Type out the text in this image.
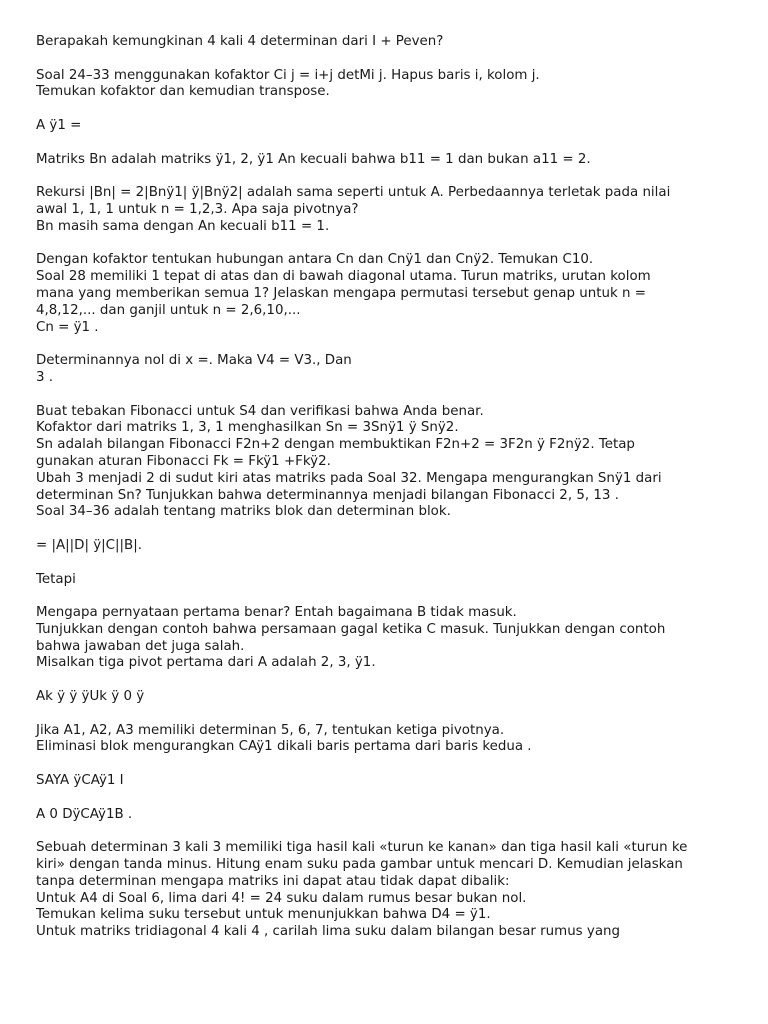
Berapakah kemungkinan 4 kali 4 determinan dari I + Peven?
Soal 24–33 menggunakan kofaktor Ci j = i+j detMi j. Hapus baris i, kolom j.
Temukan kofaktor dan kemudian transpose.
A ÿ1 =
Matriks Bn adalah matriks ÿ1, 2, ÿ1 An kecuali bahwa b11 = 1 dan bukan a11 = 2.
Rekursi |Bn| = 2|Bnÿ1| ÿ|Bnÿ2| adalah sama seperti untuk A. Perbedaannya terletak pada nilai
awal 1, 1, 1 untuk n = 1,2,3. Apa saja pivotnya?
Bn masih sama dengan An kecuali b11 = 1.
Dengan kofaktor tentukan hubungan antara Cn dan Cnÿ1 dan Cnÿ2. Temukan C10.
Soal 28 memiliki 1 tepat di atas dan di bawah diagonal utama. Turun matriks, urutan kolom
mana yang memberikan semua 1? Jelaskan mengapa permutasi tersebut genap untuk n =
4,8,12,... dan ganjil untuk n = 2,6,10,...
Cn = ÿ1 .
Determinannya nol di x =. Maka V4 = V3., Dan
3 .
Buat tebakan Fibonacci untuk S4 dan verifikasi bahwa Anda benar.
Kofaktor dari matriks 1, 3, 1 menghasilkan Sn = 3Snÿ1 ÿ Snÿ2.
Sn adalah bilangan Fibonacci F2n+2 dengan membuktikan F2n+2 = 3F2n ÿ F2nÿ2. Tetap
gunakan aturan Fibonacci Fk = Fkÿ1 +Fkÿ2.
Ubah 3 menjadi 2 di sudut kiri atas matriks pada Soal 32. Mengapa mengurangkan Snÿ1 dari
determinan Sn? Tunjukkan bahwa determinannya menjadi bilangan Fibonacci 2, 5, 13 .
Soal 34–36 adalah tentang matriks blok dan determinan blok.
= |A||D| ÿ|C||B|.
Tetapi
Mengapa pernyataan pertama benar? Entah bagaimana B tidak masuk.
Tunjukkan dengan contoh bahwa persamaan gagal ketika C masuk. Tunjukkan dengan contoh
bahwa jawaban det juga salah.
Misalkan tiga pivot pertama dari A adalah 2, 3, ÿ1.
Ak ÿ ÿ ÿUk ÿ 0 ÿ
Jika A1, A2, A3 memiliki determinan 5, 6, 7, tentukan ketiga pivotnya.
Eliminasi blok mengurangkan CAÿ1 dikali baris pertama dari baris kedua .
SAYA ÿCAÿ1 I
A 0 DÿCAÿ1B .
Sebuah determinan 3 kali 3 memiliki tiga hasil kali «turun ke kanan» dan tiga hasil kali «turun ke
kiri» dengan tanda minus. Hitung enam suku pada gambar untuk mencari D. Kemudian jelaskan
tanpa determinan mengapa matriks ini dapat atau tidak dapat dibalik:
Untuk A4 di Soal 6, lima dari 4! = 24 suku dalam rumus besar bukan nol.
Temukan kelima suku tersebut untuk menunjukkan bahwa D4 = ÿ1.
Untuk matriks tridiagonal 4 kali 4 , carilah lima suku dalam bilangan besar rumus yang
